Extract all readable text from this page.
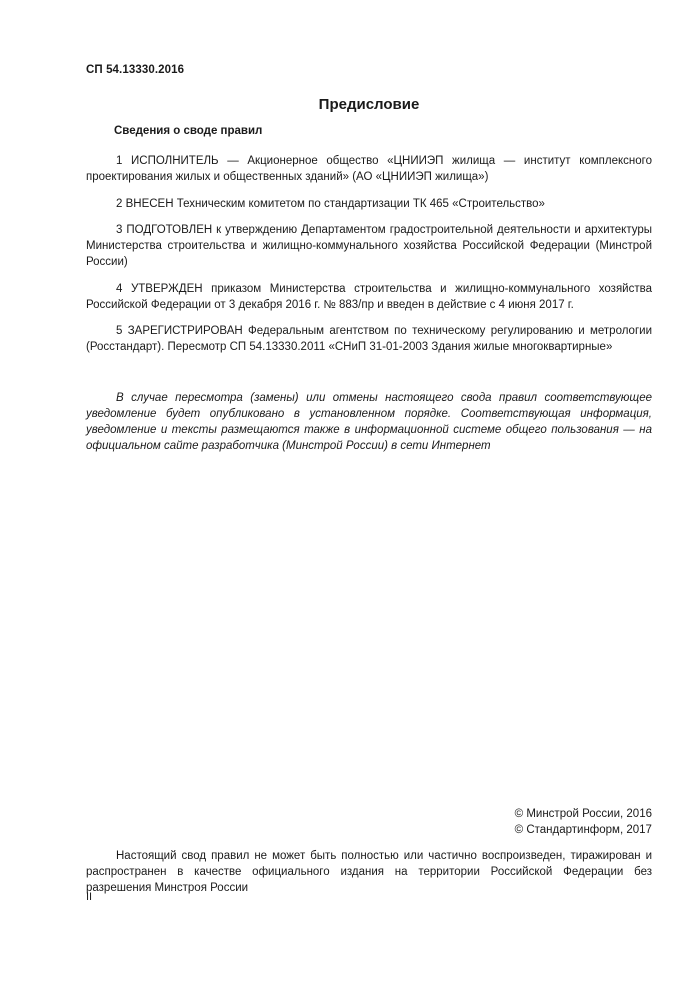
СП 54.13330.2016
Предисловие
Сведения о своде правил

1 ИСПОЛНИТЕЛЬ — Акционерное общество «ЦНИИЭП жилища — институт комплексного проектирования жилых и общественных зданий» (АО «ЦНИИЭП жилища»)

2 ВНЕСЕН Техническим комитетом по стандартизации ТК 465 «Строительство»

3 ПОДГОТОВЛЕН к утверждению Департаментом градостроительной деятельности и архитектуры Министерства строительства и жилищно-коммунального хозяйства Российской Федерации (Минстрой России)

4 УТВЕРЖДЕН приказом Министерства строительства и жилищно-коммунального хозяйства Российской Федерации от 3 декабря 2016 г. № 883/пр и введен в действие с 4 июня 2017 г.

5 ЗАРЕГИСТРИРОВАН Федеральным агентством по техническому регулированию и метрологии (Росстандарт). Пересмотр СП 54.13330.2011 «СНиП 31-01-2003 Здания жилые многоквартирные»

В случае пересмотра (замены) или отмены настоящего свода правил соответствующее уведомление будет опубликовано в установленном порядке. Соответствующая информация, уведомление и тексты размещаются также в информационной системе общего пользования — на официальном сайте разработчика (Минстрой России) в сети Интернет

© Минстрой России, 2016
© Стандартинформ, 2017

Настоящий свод правил не может быть полностью или частично воспроизведен, тиражирован и распространен в качестве официального издания на территории Российской Федерации без разрешения Минстроя России

II
